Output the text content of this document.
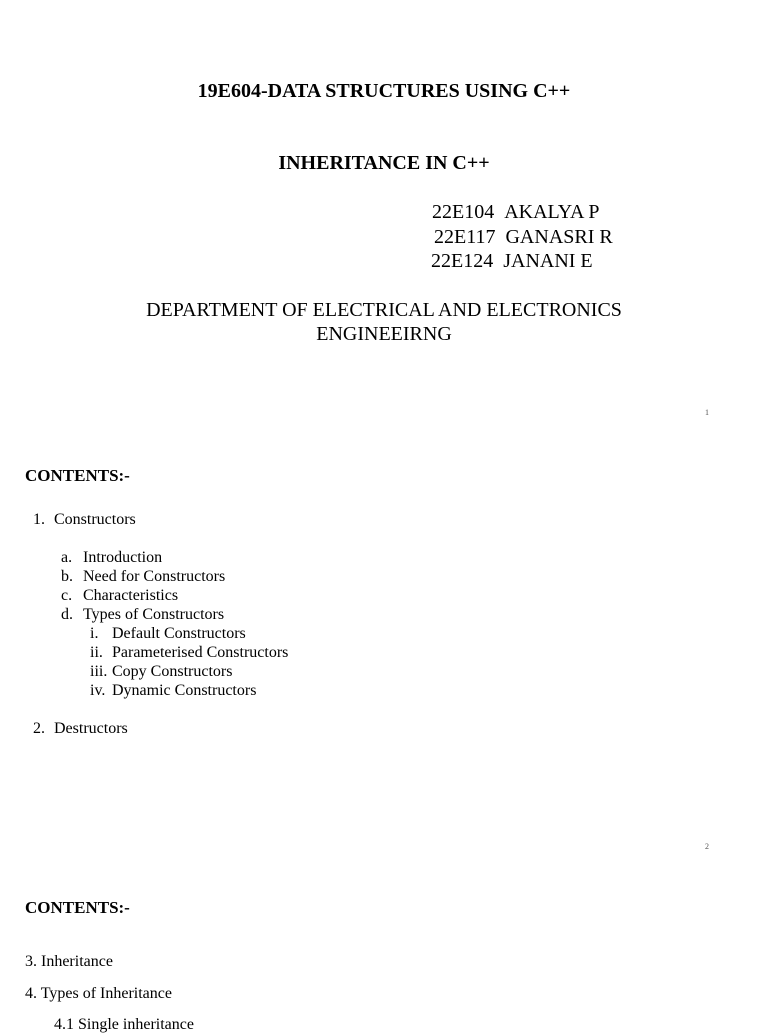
19E604-DATA STRUCTURES USING C++
INHERITANCE IN C++
22E104 AKALYA P
22E117 GANASRI R
22E124 JANANI E
DEPARTMENT OF ELECTRICAL AND ELECTRONICS
ENGINEEIRNG
1
CONTENTS:-
1. Constructors
a. Introduction
b. Need for Constructors
c. Characteristics
d. Types of Constructors
i. Default Constructors
ii. Parameterised Constructors
iii. Copy Constructors
iv. Dynamic Constructors
2. Destructors
2
CONTENTS:-
3. Inheritance
4. Types of Inheritance
4.1 Single inheritance
